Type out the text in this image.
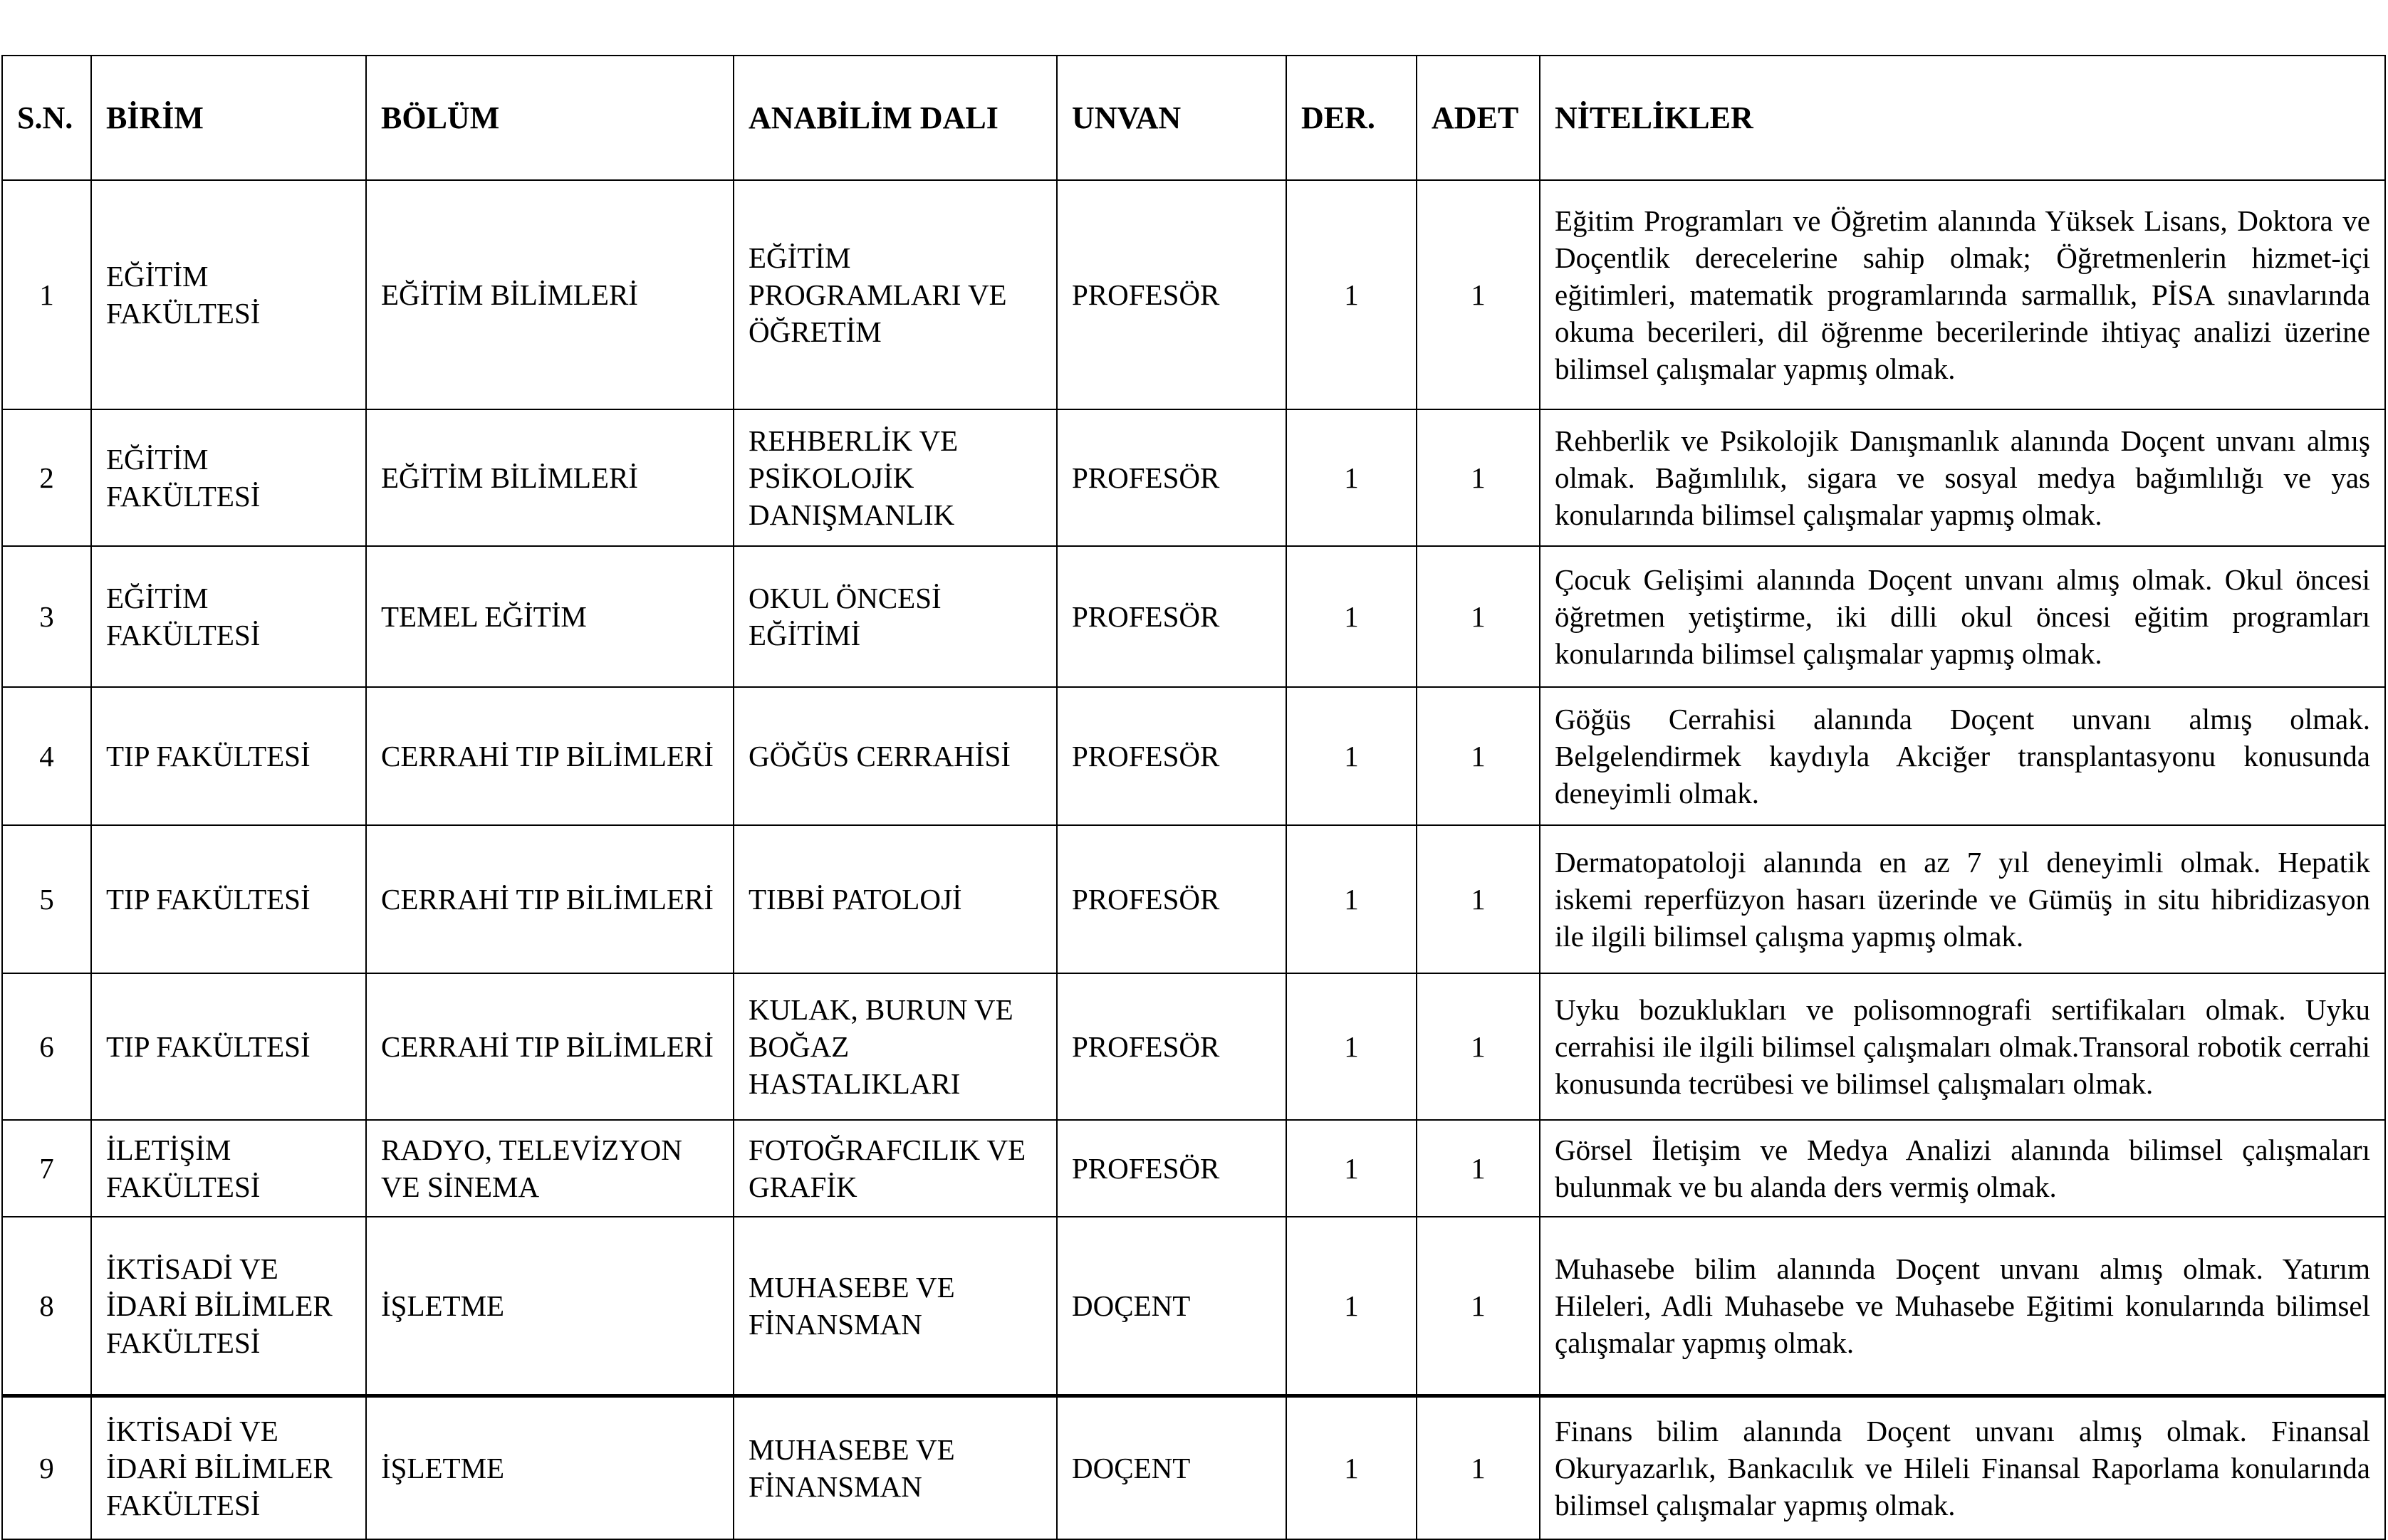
S.N.	BİRİM	BÖLÜM	ANABİLİM DALI	UNVAN	DER.	ADET	NİTELİKLER
1	EĞİTİM FAKÜLTESİ	EĞİTİM BİLİMLERİ	EĞİTİM PROGRAMLARI VE ÖĞRETİM	PROFESÖR	1	1	Eğitim Programları ve Öğretim alanında Yüksek Lisans, Doktora ve Doçentlik derecelerine sahip olmak; Öğretmenlerin hizmet-içi eğitimleri, matematik programlarında sarmallık, PİSA sınavlarında okuma becerileri, dil öğrenme becerilerinde ihtiyaç analizi üzerine bilimsel çalışmalar yapmış olmak.
2	EĞİTİM FAKÜLTESİ	EĞİTİM BİLİMLERİ	REHBERLİK VE PSİKOLOJİK DANIŞMANLIK	PROFESÖR	1	1	Rehberlik ve Psikolojik Danışmanlık alanında Doçent unvanı almış olmak. Bağımlılık, sigara ve sosyal medya bağımlılığı ve yas konularında bilimsel çalışmalar yapmış olmak.
3	EĞİTİM FAKÜLTESİ	TEMEL EĞİTİM	OKUL ÖNCESİ EĞİTİMİ	PROFESÖR	1	1	Çocuk Gelişimi alanında Doçent unvanı almış olmak. Okul öncesi öğretmen yetiştirme, iki dilli okul öncesi eğitim programları konularında bilimsel çalışmalar yapmış olmak.
4	TIP FAKÜLTESİ	CERRAHİ TIP BİLİMLERİ	GÖĞÜS CERRAHİSİ	PROFESÖR	1	1	Göğüs Cerrahisi alanında Doçent unvanı almış olmak. Belgelendirmek kaydıyla Akciğer transplantasyonu konusunda deneyimli olmak.
5	TIP FAKÜLTESİ	CERRAHİ TIP BİLİMLERİ	TIBBİ PATOLOJİ	PROFESÖR	1	1	Dermatopatoloji alanında en az 7 yıl deneyimli olmak. Hepatik iskemi reperfüzyon hasarı üzerinde ve Gümüş in situ hibridizasyon ile ilgili bilimsel çalışma yapmış olmak.
6	TIP FAKÜLTESİ	CERRAHİ TIP BİLİMLERİ	KULAK, BURUN VE BOĞAZ HASTALIKLARI	PROFESÖR	1	1	Uyku bozuklukları ve polisomnografi sertifikaları olmak. Uyku cerrahisi ile ilgili bilimsel çalışmaları olmak.Transoral robotik cerrahi konusunda tecrübesi ve bilimsel çalışmaları olmak.
7	İLETİŞİM FAKÜLTESİ	RADYO, TELEVİZYON VE SİNEMA	FOTOĞRAFCILIK VE GRAFİK	PROFESÖR	1	1	Görsel İletişim ve Medya Analizi alanında bilimsel çalışmaları bulunmak ve bu alanda ders vermiş olmak.
8	İKTİSADİ VE İDARİ BİLİMLER FAKÜLTESİ	İŞLETME	MUHASEBE VE FİNANSMAN	DOÇENT	1	1	Muhasebe bilim alanında Doçent unvanı almış olmak. Yatırım Hileleri, Adli Muhasebe ve Muhasebe Eğitimi konularında bilimsel çalışmalar yapmış olmak.
9	İKTİSADİ VE İDARİ BİLİMLER FAKÜLTESİ	İŞLETME	MUHASEBE VE FİNANSMAN	DOÇENT	1	1	Finans bilim alanında Doçent unvanı almış olmak. Finansal Okuryazarlık, Bankacılık ve Hileli Finansal Raporlama konularında bilimsel çalışmalar yapmış olmak.
